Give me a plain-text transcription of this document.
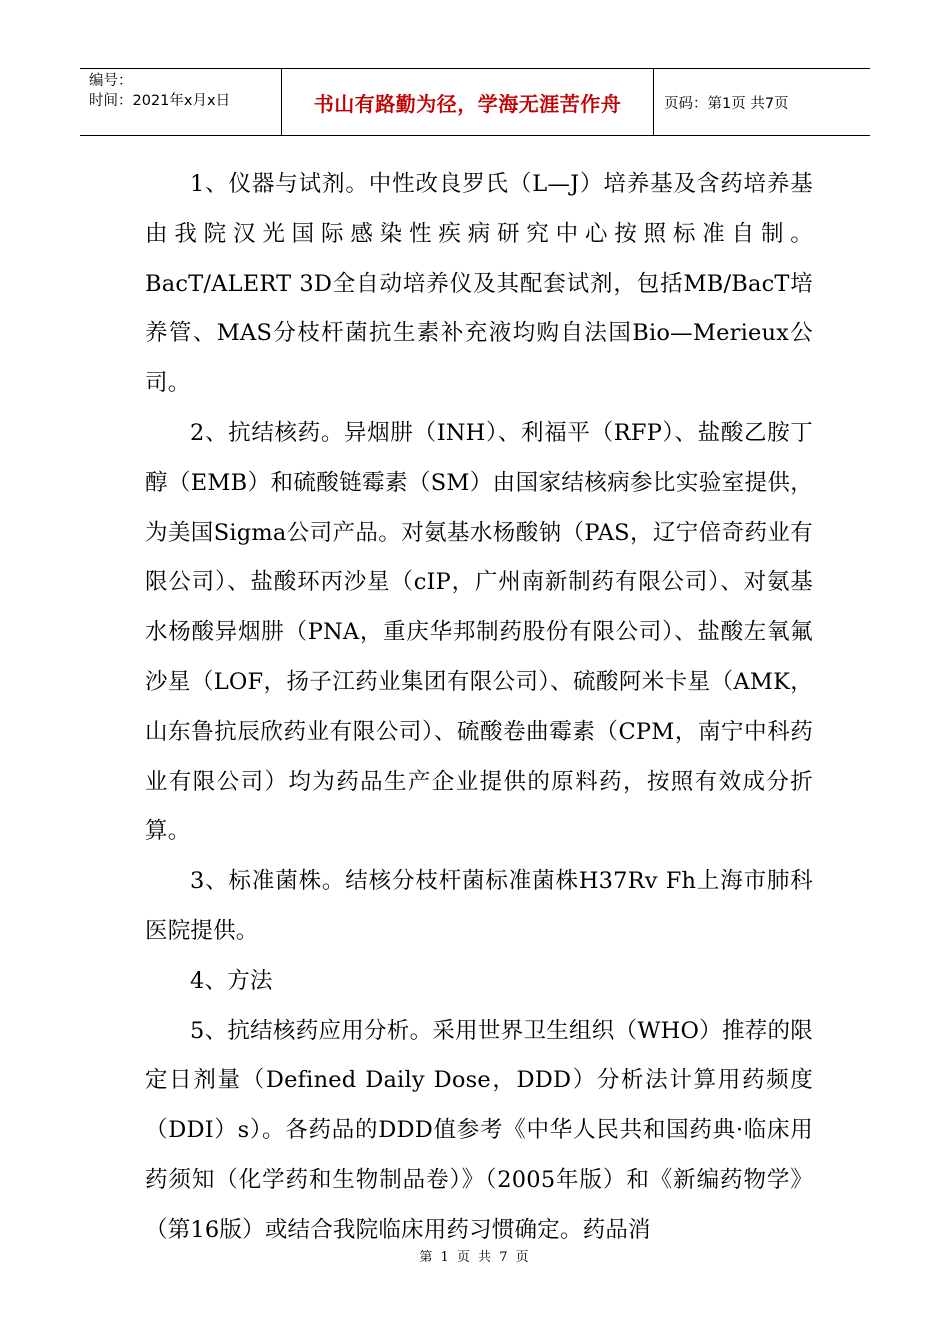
编号：
时间：2021年x月x日	书山有路勤为径，学海无涯苦作舟	页码：第1页 共7页

1、仪器与试剂。中性改良罗氏（L—J）培养基及含药培养基由我院汉光国际感染性疾病研究中心按照标准自制。BacT/ALERT 3D全自动培养仪及其配套试剂，包括MB/BacT培养管、MAS分枝杆菌抗生素补充液均购自法国Bio—Merieux公司。

2、抗结核药。异烟肼（INH）、利福平（RFP）、盐酸乙胺丁醇（EMB）和硫酸链霉素（SM）由国家结核病参比实验室提供，为美国Sigma公司产品。对氨基水杨酸钠（PAS，辽宁倍奇药业有限公司）、盐酸环丙沙星（cIP，广州南新制药有限公司）、对氨基水杨酸异烟肼（PNA，重庆华邦制药股份有限公司）、盐酸左氧氟沙星（LOF，扬子江药业集团有限公司）、硫酸阿米卡星（AMK，山东鲁抗辰欣药业有限公司）、硫酸卷曲霉素（CPM，南宁中科药业有限公司）均为药品生产企业提供的原料药，按照有效成分折算。

3、标准菌株。结核分枝杆菌标准菌株H37Rv Fh上海市肺科医院提供。

4、方法

5、抗结核药应用分析。采用世界卫生组织（WHO）推荐的限定日剂量（Defined Daily Dose，DDD）分析法计算用药频度（DDI）s）。各药品的DDD值参考《中华人民共和国药典·临床用药须知（化学药和生物制品卷）》（2005年版）和《新编药物学》（第16版）或结合我院临床用药习惯确定。药品消

第 1 页 共 7 页
